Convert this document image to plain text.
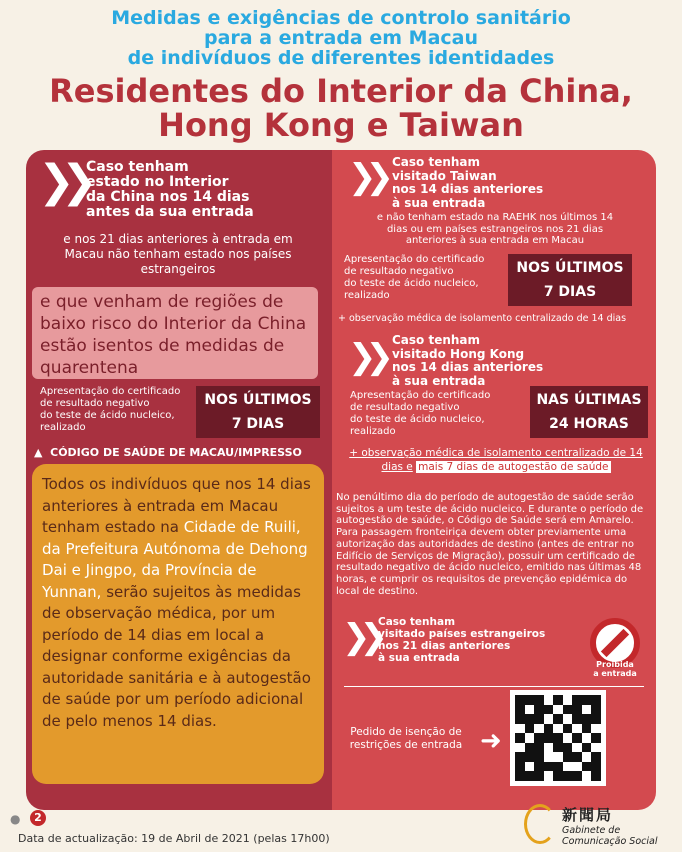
Medidas e exigências de controlo sanitário
para a entrada em Macau
de indivíduos de diferentes identidades
Residentes do Interior da China,
Hong Kong e Taiwan
❯❯ Caso tenham
estado no Interior
da China nos 14 dias
antes da sua entrada
e nos 21 dias anteriores à entrada em
Macau não tenham estado nos países
estrangeiros
e que venham de regiões de baixo risco do Interior da China estão isentos de medidas de quarentena
Apresentação do certificado
de resultado negativo
do teste de ácido nucleico,
realizado
NOS ÚLTIMOS
7 DIAS
▲  CÓDIGO DE SAÚDE DE MACAU/IMPRESSO
Todos os indivíduos que nos 14 dias anteriores à entrada em Macau tenham estado na Cidade de Ruili, da Prefeitura Autónoma de Dehong Dai e Jingpo, da Província de Yunnan, serão sujeitos às medidas de observação médica, por um período de 14 dias em local a designar conforme exigências da autoridade sanitária e à autogestão de saúde por um período adicional de pelo menos 14 dias.
❯❯ Caso tenham
visitado Taiwan
nos 14 dias anteriores
à sua entrada
e não tenham estado na RAEHK nos últimos 14
dias ou em países estrangeiros nos 21 dias
anteriores à sua entrada em Macau
Apresentação do certificado
de resultado negativo
do teste de ácido nucleico,
realizado
NOS ÚLTIMOS
7 DIAS
+ observação médica de isolamento centralizado de 14 dias
❯❯ Caso tenham
visitado Hong Kong
nos 14 dias anteriores
à sua entrada
Apresentação do certificado
de resultado negativo
do teste de ácido nucleico,
realizado
NAS ÚLTIMAS
24 HORAS
+ observação médica de isolamento centralizado de 14
dias e mais 7 dias de autogestão de saúde
No penúltimo dia do período de autogestão de saúde serão sujeitos a um teste de ácido nucleico. E durante o período de autogestão de saúde, o Código de Saúde será em Amarelo. Para passagem fronteiriça devem obter previamente uma autorização das autoridades de destino (antes de entrar no Edifício de Serviços de Migração), possuir um certificado de resultado negativo de ácido nucleico, emitido nas últimas 48 horas, e cumprir os requisitos de prevenção epidémica do local de destino.
❯❯ Caso tenham
visitado países estrangeiros
nos 21 dias anteriores
à sua entrada
Proibida
a entrada
Pedido de isenção de
restrições de entrada ➜
●	2
Data de actualização: 19 de Abril de 2021 (pelas 17h00)
新聞局
Gabinete de
Comunicação Social
